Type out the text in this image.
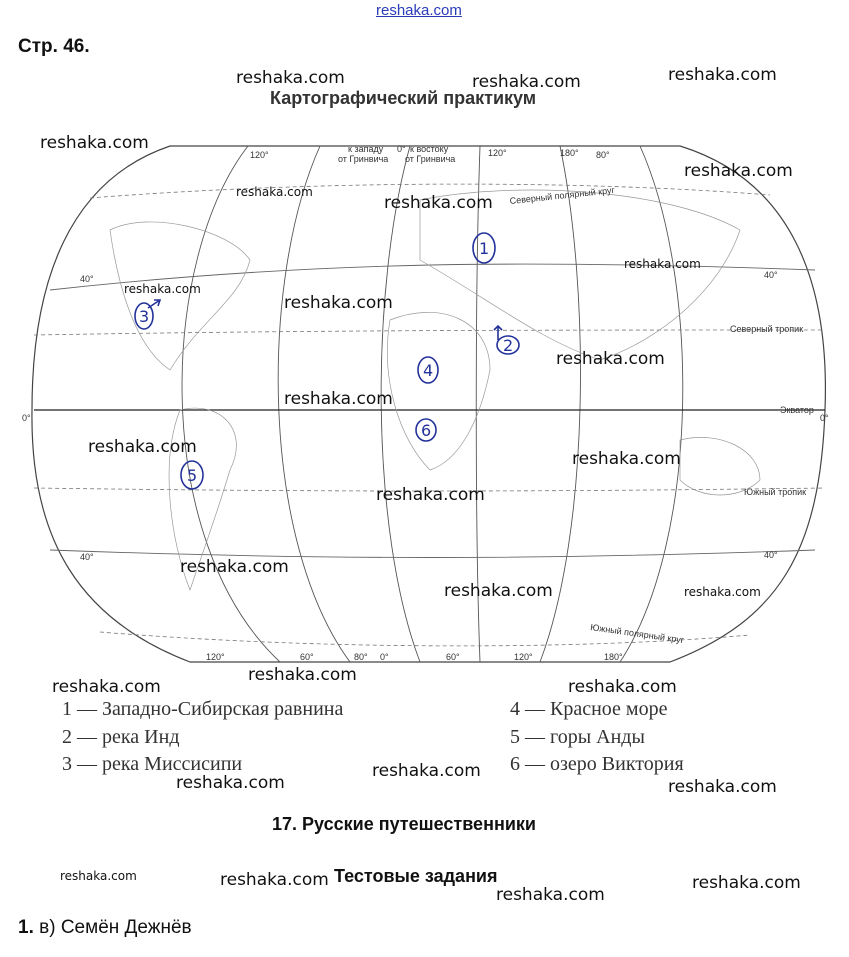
reshaka.com
Стр. 46.
Картографический практикум
к западу
от Гринвича
0° к востоку
от Гринвича
120°	120°	180° 80°
Северный полярный круг
40°	40°
Северный тропик
0°
Экватор
0°
Южный тропик
40°	40°
Южный полярный круг
120°	60°	80° 0°	60°	120°	180°
1
2
3
4
5
6
reshaka.com	reshaka.com	reshaka.com
reshaka.com
reshaka.com
reshaka.com
reshaka.com
reshaka.com
reshaka.com
reshaka.com
reshaka.com
reshaka.com
reshaka.com
reshaka.com
reshaka.com
reshaka.com
reshaka.com	reshaka.com
reshaka.com
reshaka.com	reshaka.com
1 — Западно-Сибирская равнина
2 — река Инд
3 — река Миссисипи
4 — Красное море
5 — горы Анды
6 — озеро Виктория
reshaka.com
reshaka.com
reshaka.com
17. Русские путешественники
Тестовые задания
reshaka.com	reshaka.com	reshaka.com
reshaka.com
1. в) Семён Дежнёв
